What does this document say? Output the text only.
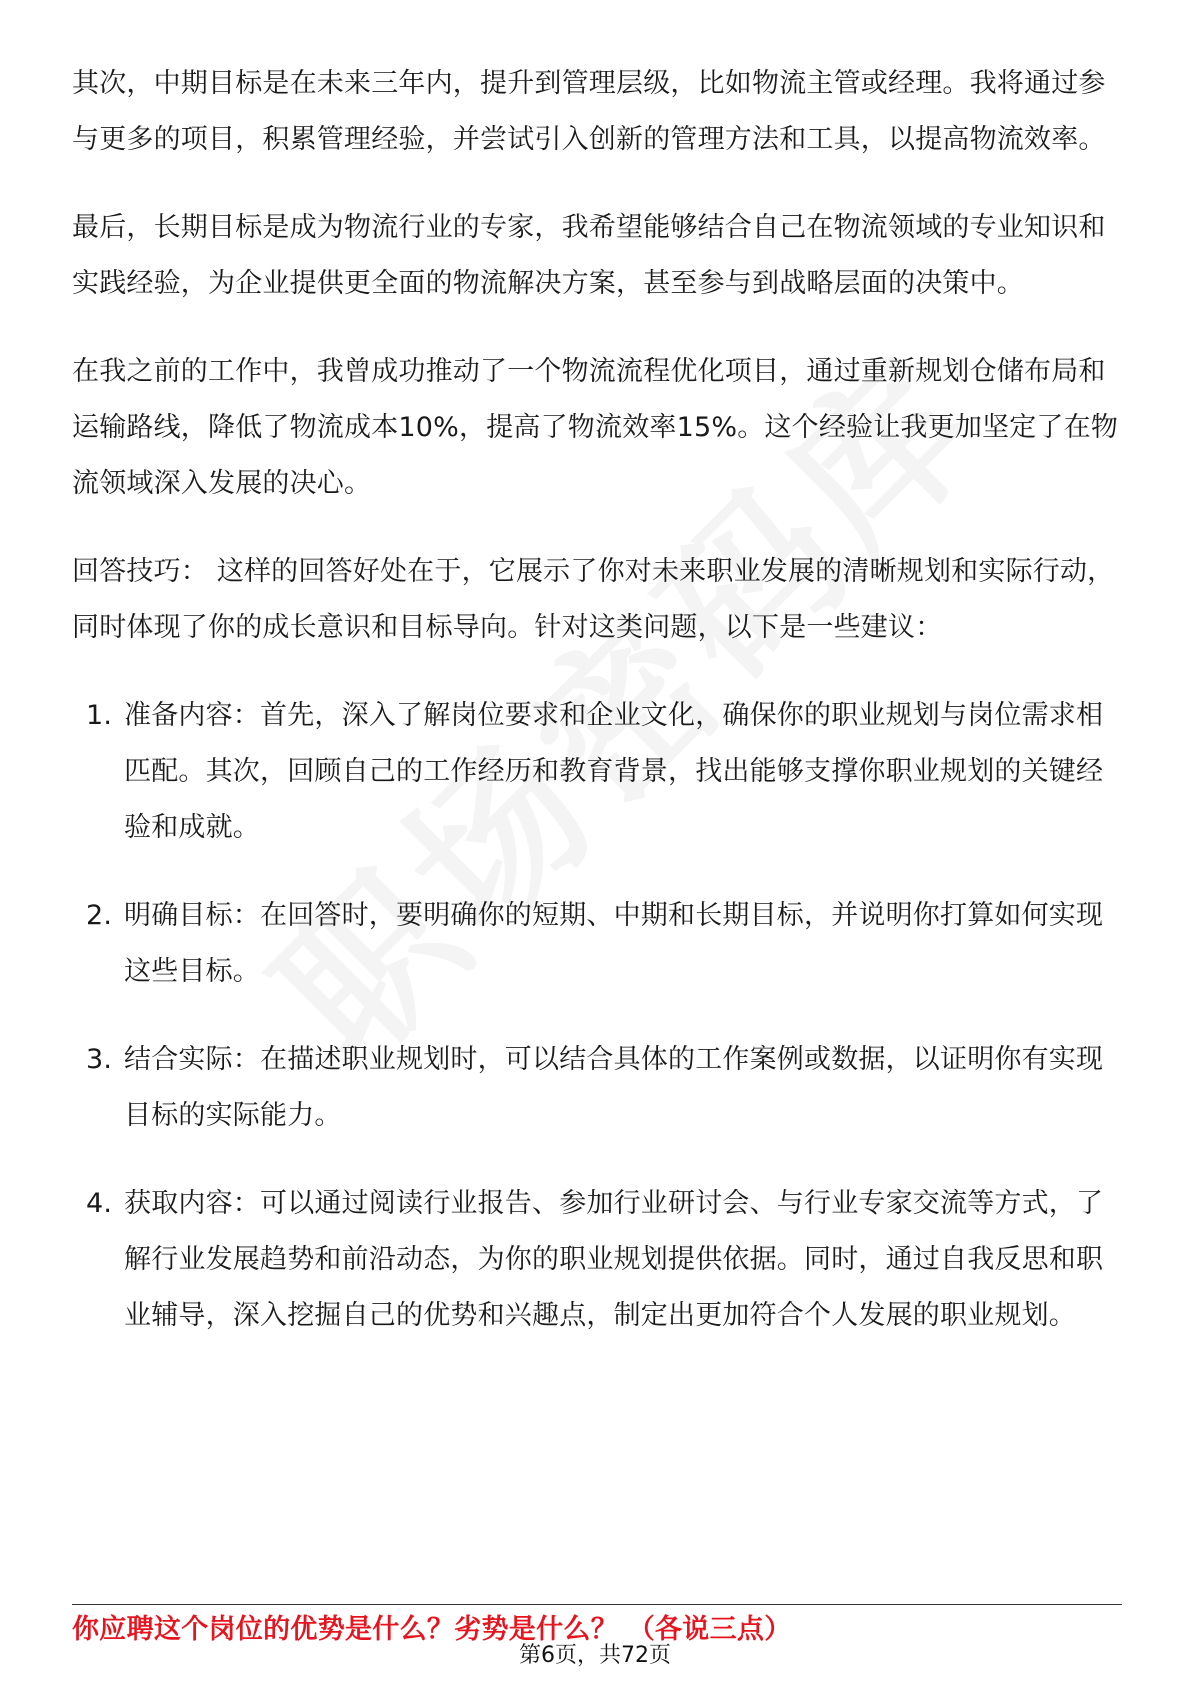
其次，中期目标是在未来三年内，提升到管理层级，比如物流主管或经理。我将通过参与更多的项目，积累管理经验，并尝试引入创新的管理方法和工具，以提高物流效率。

最后，长期目标是成为物流行业的专家，我希望能够结合自己在物流领域的专业知识和实践经验，为企业提供更全面的物流解决方案，甚至参与到战略层面的决策中。

在我之前的工作中，我曾成功推动了一个物流流程优化项目，通过重新规划仓储布局和运输路线，降低了物流成本10%，提高了物流效率15%。这个经验让我更加坚定了在物流领域深入发展的决心。

回答技巧： 这样的回答好处在于，它展示了你对未来职业发展的清晰规划和实际行动，同时体现了你的成长意识和目标导向。针对这类问题，以下是一些建议：

1. 准备内容：首先，深入了解岗位要求和企业文化，确保你的职业规划与岗位需求相匹配。其次，回顾自己的工作经历和教育背景，找出能够支撑你职业规划的关键经验和成就。
2. 明确目标：在回答时，要明确你的短期、中期和长期目标，并说明你打算如何实现这些目标。
3. 结合实际：在描述职业规划时，可以结合具体的工作案例或数据，以证明你有实现目标的实际能力。
4. 获取内容：可以通过阅读行业报告、参加行业研讨会、与行业专家交流等方式，了解行业发展趋势和前沿动态，为你的职业规划提供依据。同时，通过自我反思和职业辅导，深入挖掘自己的优势和兴趣点，制定出更加符合个人发展的职业规划。
你应聘这个岗位的优势是什么？劣势是什么？ （各说三点）
第6页，共72页
